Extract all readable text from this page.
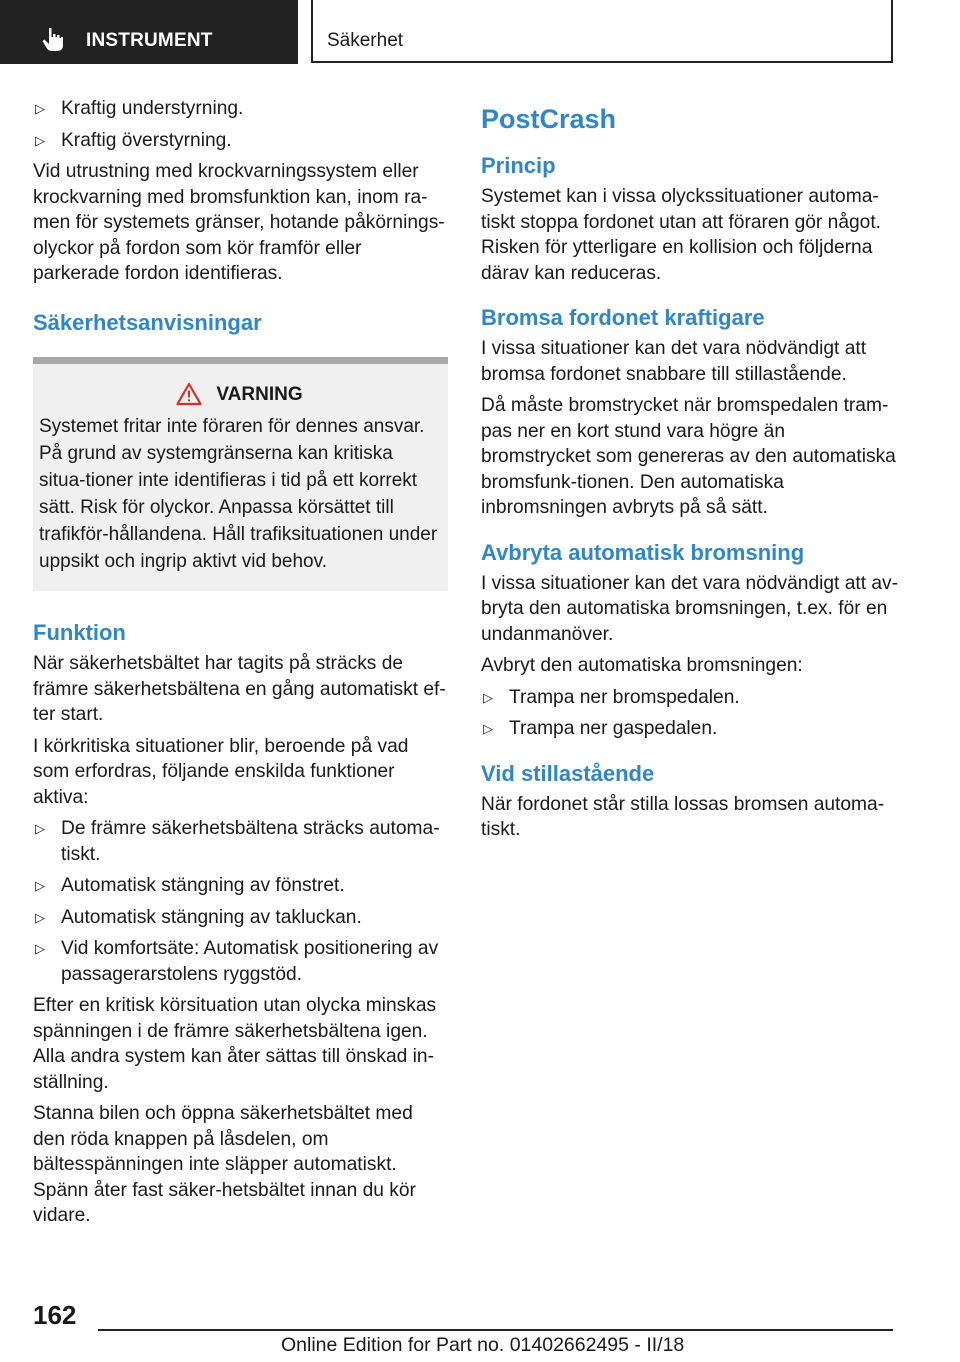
INSTRUMENT	Säkerhet
▷ Kraftig understyrning.
▷ Kraftig överstyrning.

Vid utrustning med krockvarningssystem eller krockvarning med bromsfunktion kan, inom ra-men för systemets gränser, hotande påkörnings-olyckor på fordon som kör framför eller parkerade fordon identifieras.

Säkerhetsanvisningar
VARNING
Systemet fritar inte föraren för dennes ansvar. På grund av systemgränserna kan kritiska situa-tioner inte identifieras i tid på ett korrekt sätt. Risk för olyckor. Anpassa körsättet till trafikför-hållandena. Håll trafiksituationen under uppsikt och ingrip aktivt vid behov.
Funktion

När säkerhetsbältet har tagits på sträcks de främre säkerhetsbältena en gång automatiskt ef-ter start.

I körkritiska situationer blir, beroende på vad som erfordras, följande enskilda funktioner aktiva:

▷ De främre säkerhetsbältena sträcks automa-tiskt.
▷ Automatisk stängning av fönstret.
▷ Automatisk stängning av takluckan.
▷ Vid komfortsäte: Automatisk positionering av passagerarstolens ryggstöd.

Efter en kritisk körsituation utan olycka minskas spänningen i de främre säkerhetsbältena igen. Alla andra system kan åter sättas till önskad in-ställning.

Stanna bilen och öppna säkerhetsbältet med den röda knappen på låsdelen, om bältesspänningen inte släpper automatiskt. Spänn åter fast säker-hetsbältet innan du kör vidare.

PostCrash
Princip

Systemet kan i vissa olyckssituationer automa-tiskt stoppa fordonet utan att föraren gör något. Risken för ytterligare en kollision och följderna därav kan reduceras.

Bromsa fordonet kraftigare

I vissa situationer kan det vara nödvändigt att bromsa fordonet snabbare till stillastående.

Då måste bromstrycket när bromspedalen tram-pas ner en kort stund vara högre än bromstrycket som genereras av den automatiska bromsfunk-tionen. Den automatiska inbromsningen avbryts på så sätt.

Avbryta automatisk bromsning

I vissa situationer kan det vara nödvändigt att av-bryta den automatiska bromsningen, t.ex. för en undanmanöver.

Avbryt den automatiska bromsningen:

▷ Trampa ner bromspedalen.
▷ Trampa ner gaspedalen.
Vid stillastående

När fordonet står stilla lossas bromsen automa-tiskt.

162
Online Edition for Part no. 01402662495 - II/18
